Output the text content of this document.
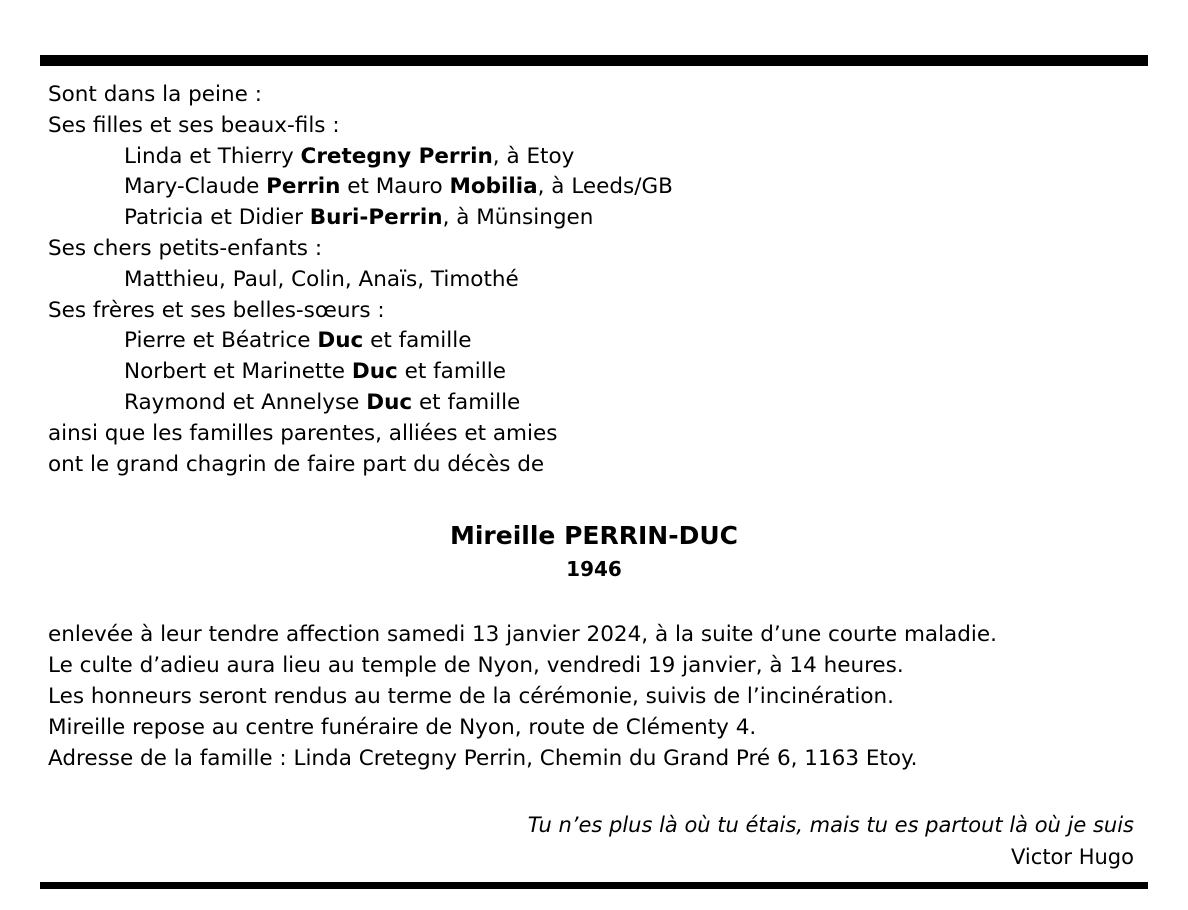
Sont dans la peine :
Ses filles et ses beaux-fils :
Linda et Thierry Cretegny Perrin, à Etoy
Mary-Claude Perrin et Mauro Mobilia, à Leeds/GB
Patricia et Didier Buri-Perrin, à Münsingen
Ses chers petits-enfants :
Matthieu, Paul, Colin, Anaïs, Timothé
Ses frères et ses belles-sœurs :
Pierre et Béatrice Duc et famille
Norbert et Marinette Duc et famille
Raymond et Annelyse Duc et famille
ainsi que les familles parentes, alliées et amies
ont le grand chagrin de faire part du décès de
Mireille PERRIN-DUC
1946
enlevée à leur tendre affection samedi 13 janvier 2024, à la suite d’une courte maladie.
Le culte d’adieu aura lieu au temple de Nyon, vendredi 19 janvier, à 14 heures.
Les honneurs seront rendus au terme de la cérémonie, suivis de l’incinération.
Mireille repose au centre funéraire de Nyon, route de Clémenty 4.
Adresse de la famille : Linda Cretegny Perrin, Chemin du Grand Pré 6, 1163 Etoy.
Tu n’es plus là où tu étais, mais tu es partout là où je suis
Victor Hugo
